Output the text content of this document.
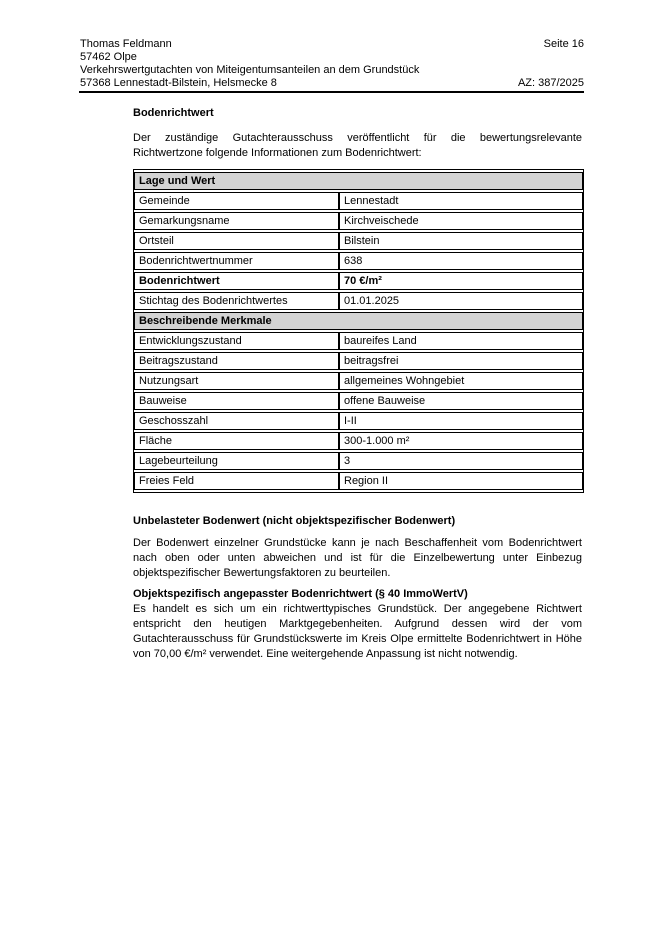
Thomas Feldmann
57462 Olpe
Verkehrswertgutachten von Miteigentumsanteilen an dem Grundstück
57368 Lennestadt-Bilstein, Helsmecke 8
Seite 16
AZ: 387/2025
Bodenrichtwert

Der zuständige Gutachterausschuss veröffentlicht für die bewertungsrelevante Richtwertzone folgende Informationen zum Bodenrichtwert:

Lage und Wert	
Gemeinde	Lennestadt
Gemarkungsname	Kirchveischede
Ortsteil	Bilstein
Bodenrichtwertnummer	638
Bodenrichtwert	70 €/m²
Stichtag des Bodenrichtwertes	01.01.2025
Beschreibende Merkmale	
Entwicklungszustand	baureifes Land
Beitragszustand	beitragsfrei
Nutzungsart	allgemeines Wohngebiet
Bauweise	offene Bauweise
Geschosszahl	I-II
Fläche	300-1.000 m²
Lagebeurteilung	3
Freies Feld	Region II
Unbelasteter Bodenwert (nicht objektspezifischer Bodenwert)

Der Bodenwert einzelner Grundstücke kann je nach Beschaffenheit vom Bodenrichtwert nach oben oder unten abweichen und ist für die Einzelbewertung unter Einbezug objektspezifischer Bewertungsfaktoren zu beurteilen.

Objektspezifisch angepasster Bodenrichtwert (§ 40 ImmoWertV)

Es handelt es sich um ein richtwerttypisches Grundstück. Der angegebene Richtwert entspricht den heutigen Marktgegebenheiten. Aufgrund dessen wird der vom Gutachterausschuss für Grundstückswerte im Kreis Olpe ermittelte Bodenrichtwert in Höhe von 70,00 €/m² verwendet. Eine weitergehende Anpassung ist nicht notwendig.
